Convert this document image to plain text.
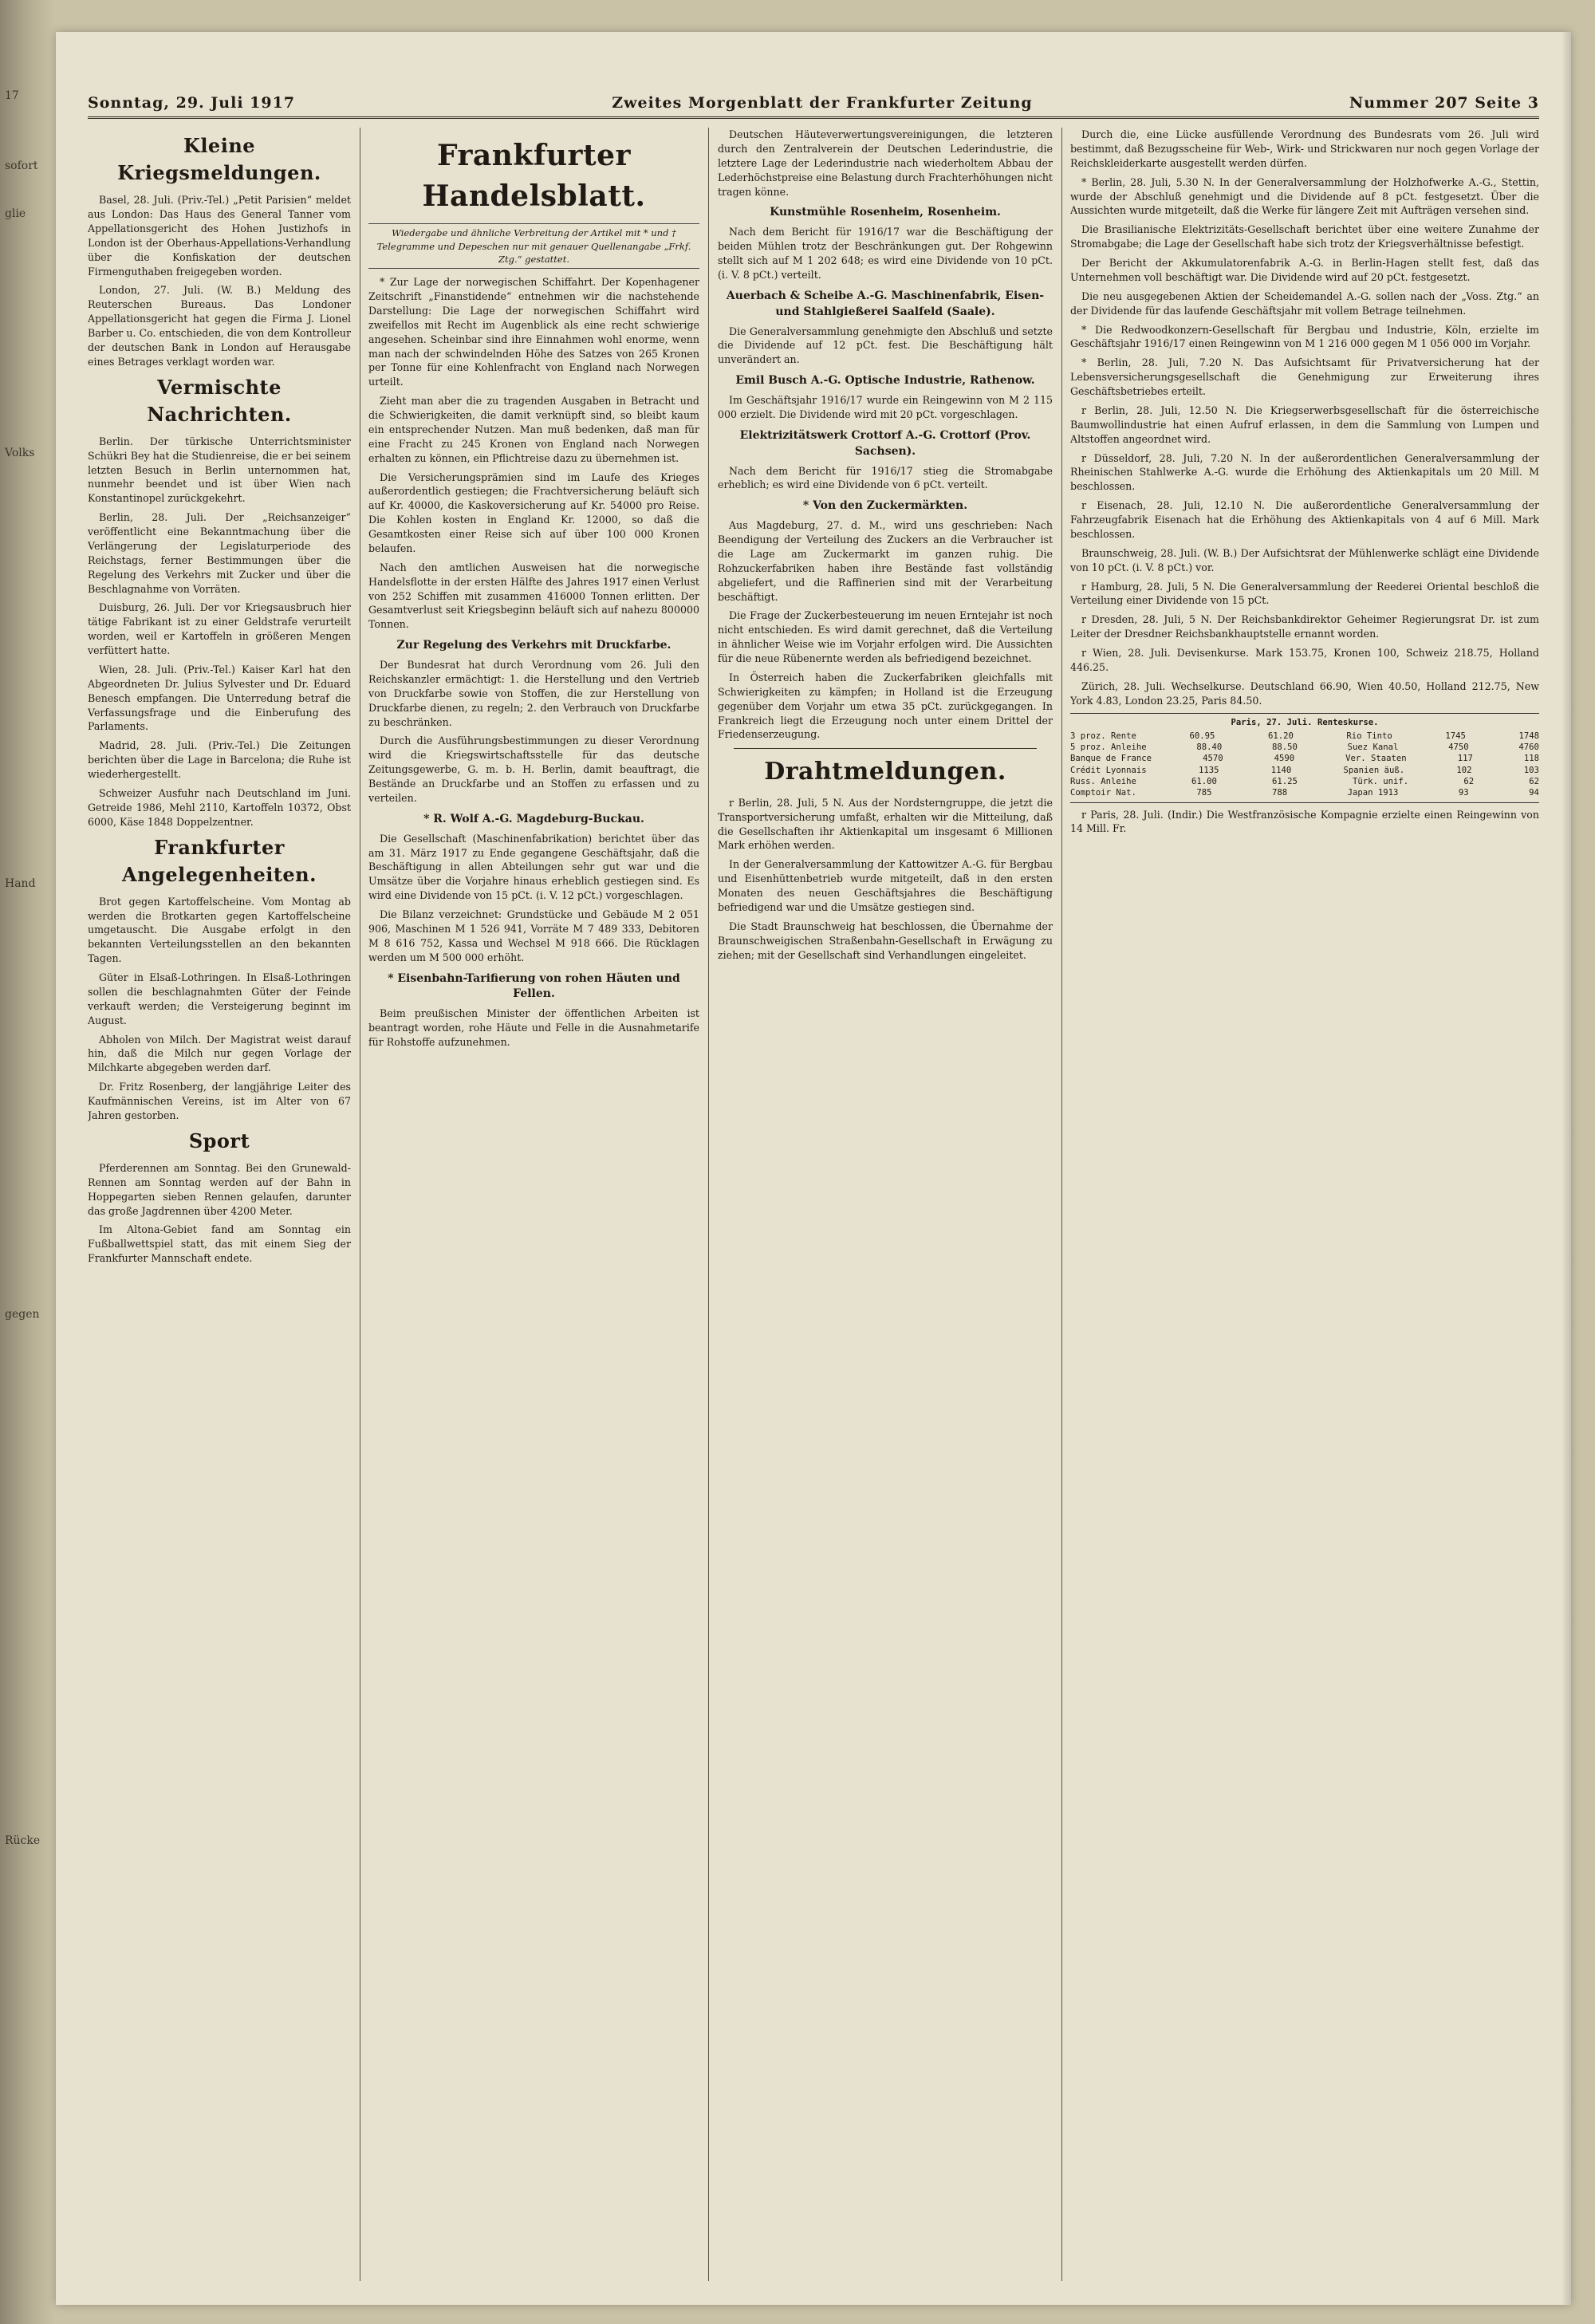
17
sofort
glie
Volks
Hand
gegen
Rücke
Sonntag, 29. Juli 1917	Zweites Morgenblatt der Frankfurter Zeitung	Nummer 207 Seite 3
Kleine Kriegsmeldungen.

Basel, 28. Juli. (Priv.-Tel.) „Petit Parisien“ meldet aus London: Das Haus des General Tanner vom Appellationsgericht des Hohen Justizhofs in London ist der Oberhaus-Appellations-Verhandlung über die Konfiskation der deutschen Firmenguthaben freigegeben worden.

London, 27. Juli. (W. B.) Meldung des Reuterschen Bureaus. Das Londoner Appellationsgericht hat gegen die Firma J. Lionel Barber u. Co. entschieden, die von dem Kontrolleur der deutschen Bank in London auf Herausgabe eines Betrages verklagt worden war.

Vermischte Nachrichten.

Berlin. Der türkische Unterrichtsminister Schükri Bey hat die Studienreise, die er bei seinem letzten Besuch in Berlin unternommen hat, nunmehr beendet und ist über Wien nach Konstantinopel zurückgekehrt.

Berlin, 28. Juli. Der „Reichsanzeiger“ veröffentlicht eine Bekanntmachung über die Verlängerung der Legislaturperiode des Reichstags, ferner Bestimmungen über die Regelung des Verkehrs mit Zucker und über die Beschlagnahme von Vorräten.

Duisburg, 26. Juli. Der vor Kriegsausbruch hier tätige Fabrikant ist zu einer Geldstrafe verurteilt worden, weil er Kartoffeln in größeren Mengen verfüttert hatte.

Wien, 28. Juli. (Priv.-Tel.) Kaiser Karl hat den Abgeordneten Dr. Julius Sylvester und Dr. Eduard Benesch empfangen. Die Unterredung betraf die Verfassungsfrage und die Einberufung des Parlaments.

Madrid, 28. Juli. (Priv.-Tel.) Die Zeitungen berichten über die Lage in Barcelona; die Ruhe ist wiederhergestellt.

Schweizer Ausfuhr nach Deutschland im Juni. Getreide 1986, Mehl 2110, Kartoffeln 10372, Obst 6000, Käse 1848 Doppelzentner.

Frankfurter Angelegenheiten.

Brot gegen Kartoffelscheine. Vom Montag ab werden die Brotkarten gegen Kartoffelscheine umgetauscht. Die Ausgabe erfolgt in den bekannten Verteilungsstellen an den bekannten Tagen.

Güter in Elsaß-Lothringen. In Elsaß-Lothringen sollen die beschlagnahmten Güter der Feinde verkauft werden; die Versteigerung beginnt im August.

Abholen von Milch. Der Magistrat weist darauf hin, daß die Milch nur gegen Vorlage der Milchkarte abgegeben werden darf.

Dr. Fritz Rosenberg, der langjährige Leiter des Kaufmännischen Vereins, ist im Alter von 67 Jahren gestorben.

Sport

Pferderennen am Sonntag. Bei den Grunewald-Rennen am Sonntag werden auf der Bahn in Hoppegarten sieben Rennen gelaufen, darunter das große Jagdrennen über 4200 Meter.

Im Altona-Gebiet fand am Sonntag ein Fußballwettspiel statt, das mit einem Sieg der Frankfurter Mannschaft endete.

Frankfurter Handelsblatt.
Wiedergabe und ähnliche Verbreitung der Artikel mit * und † Telegramme und Depeschen nur mit genauer Quellenangabe „Frkf. Ztg.“ gestattet.

* Zur Lage der norwegischen Schiffahrt. Der Kopenhagener Zeitschrift „Finanstidende“ entnehmen wir die nachstehende Darstellung: Die Lage der norwegischen Schiffahrt wird zweifellos mit Recht im Augenblick als eine recht schwierige angesehen. Scheinbar sind ihre Einnahmen wohl enorme, wenn man nach der schwindelnden Höhe des Satzes von 265 Kronen per Tonne für eine Kohlenfracht von England nach Norwegen urteilt.

Zieht man aber die zu tragenden Ausgaben in Betracht und die Schwierigkeiten, die damit verknüpft sind, so bleibt kaum ein entsprechender Nutzen. Man muß bedenken, daß man für eine Fracht zu 245 Kronen von England nach Norwegen erhalten zu können, ein Pflichtreise dazu zu übernehmen ist.

Die Versicherungsprämien sind im Laufe des Krieges außerordentlich gestiegen; die Frachtversicherung beläuft sich auf Kr. 40000, die Kaskoversicherung auf Kr. 54000 pro Reise. Die Kohlen kosten in England Kr. 12000, so daß die Gesamtkosten einer Reise sich auf über 100 000 Kronen belaufen.

Nach den amtlichen Ausweisen hat die norwegische Handelsflotte in der ersten Hälfte des Jahres 1917 einen Verlust von 252 Schiffen mit zusammen 416000 Tonnen erlitten. Der Gesamtverlust seit Kriegsbeginn beläuft sich auf nahezu 800000 Tonnen.

Zur Regelung des Verkehrs mit Druckfarbe.

Der Bundesrat hat durch Verordnung vom 26. Juli den Reichskanzler ermächtigt: 1. die Herstellung und den Vertrieb von Druckfarbe sowie von Stoffen, die zur Herstellung von Druckfarbe dienen, zu regeln; 2. den Verbrauch von Druckfarbe zu beschränken.

Durch die Ausführungsbestimmungen zu dieser Verordnung wird die Kriegswirtschaftsstelle für das deutsche Zeitungsgewerbe, G. m. b. H. Berlin, damit beauftragt, die Bestände an Druckfarbe und an Stoffen zu erfassen und zu verteilen.

* R. Wolf A.-G. Magdeburg-Buckau.

Die Gesellschaft (Maschinenfabrikation) berichtet über das am 31. März 1917 zu Ende gegangene Geschäftsjahr, daß die Beschäftigung in allen Abteilungen sehr gut war und die Umsätze über die Vorjahre hinaus erheblich gestiegen sind. Es wird eine Dividende von 15 pCt. (i. V. 12 pCt.) vorgeschlagen.

Die Bilanz verzeichnet: Grundstücke und Gebäude M 2 051 906, Maschinen M 1 526 941, Vorräte M 7 489 333, Debitoren M 8 616 752, Kassa und Wechsel M 918 666. Die Rücklagen werden um M 500 000 erhöht.

* Eisenbahn-Tarifierung von rohen Häuten und Fellen.

Beim preußischen Minister der öffentlichen Arbeiten ist beantragt worden, rohe Häute und Felle in die Ausnahmetarife für Rohstoffe aufzunehmen.

Deutschen Häuteverwertungsvereinigungen, die letzteren durch den Zentralverein der Deutschen Lederindustrie, die letztere Lage der Lederindustrie nach wiederholtem Abbau der Lederhöchstpreise eine Belastung durch Frachterhöhungen nicht tragen könne.

Kunstmühle Rosenheim, Rosenheim.

Nach dem Bericht für 1916/17 war die Beschäftigung der beiden Mühlen trotz der Beschränkungen gut. Der Rohgewinn stellt sich auf M 1 202 648; es wird eine Dividende von 10 pCt. (i. V. 8 pCt.) verteilt.

Auerbach & Scheibe A.-G. Maschinenfabrik, Eisen- und Stahlgießerei Saalfeld (Saale).

Die Generalversammlung genehmigte den Abschluß und setzte die Dividende auf 12 pCt. fest. Die Beschäftigung hält unverändert an.

Emil Busch A.-G. Optische Industrie, Rathenow.

Im Geschäftsjahr 1916/17 wurde ein Reingewinn von M 2 115 000 erzielt. Die Dividende wird mit 20 pCt. vorgeschlagen.

Elektrizitätswerk Crottorf A.-G. Crottorf (Prov. Sachsen).

Nach dem Bericht für 1916/17 stieg die Stromabgabe erheblich; es wird eine Dividende von 6 pCt. verteilt.

* Von den Zuckermärkten.

Aus Magdeburg, 27. d. M., wird uns geschrieben: Nach Beendigung der Verteilung des Zuckers an die Verbraucher ist die Lage am Zuckermarkt im ganzen ruhig. Die Rohzuckerfabriken haben ihre Bestände fast vollständig abgeliefert, und die Raffinerien sind mit der Verarbeitung beschäftigt.

Die Frage der Zuckerbesteuerung im neuen Erntejahr ist noch nicht entschieden. Es wird damit gerechnet, daß die Verteilung in ähnlicher Weise wie im Vorjahr erfolgen wird. Die Aussichten für die neue Rübenernte werden als befriedigend bezeichnet.

In Österreich haben die Zuckerfabriken gleichfalls mit Schwierigkeiten zu kämpfen; in Holland ist die Erzeugung gegenüber dem Vorjahr um etwa 35 pCt. zurückgegangen. In Frankreich liegt die Erzeugung noch unter einem Drittel der Friedenserzeugung.

Drahtmeldungen.

r Berlin, 28. Juli, 5 N. Aus der Nordsterngruppe, die jetzt die Transportversicherung umfaßt, erhalten wir die Mitteilung, daß die Gesellschaften ihr Aktienkapital um insgesamt 6 Millionen Mark erhöhen werden.

In der Generalversammlung der Kattowitzer A.-G. für Bergbau und Eisenhüttenbetrieb wurde mitgeteilt, daß in den ersten Monaten des neuen Geschäftsjahres die Beschäftigung befriedigend war und die Umsätze gestiegen sind.

Die Stadt Braunschweig hat beschlossen, die Übernahme der Braunschweigischen Straßenbahn-Gesellschaft in Erwägung zu ziehen; mit der Gesellschaft sind Verhandlungen eingeleitet.

Durch die, eine Lücke ausfüllende Verordnung des Bundesrats vom 26. Juli wird bestimmt, daß Bezugsscheine für Web-, Wirk- und Strickwaren nur noch gegen Vorlage der Reichskleiderkarte ausgestellt werden dürfen.

* Berlin, 28. Juli, 5.30 N. In der Generalversammlung der Holzhofwerke A.-G., Stettin, wurde der Abschluß genehmigt und die Dividende auf 8 pCt. festgesetzt. Über die Aussichten wurde mitgeteilt, daß die Werke für längere Zeit mit Aufträgen versehen sind.

Die Brasilianische Elektrizitäts-Gesellschaft berichtet über eine weitere Zunahme der Stromabgabe; die Lage der Gesellschaft habe sich trotz der Kriegsverhältnisse befestigt.

Der Bericht der Akkumulatorenfabrik A.-G. in Berlin-Hagen stellt fest, daß das Unternehmen voll beschäftigt war. Die Dividende wird auf 20 pCt. festgesetzt.

Die neu ausgegebenen Aktien der Scheidemandel A.-G. sollen nach der „Voss. Ztg.“ an der Dividende für das laufende Geschäftsjahr mit vollem Betrage teilnehmen.

* Die Redwoodkonzern-Gesellschaft für Bergbau und Industrie, Köln, erzielte im Geschäftsjahr 1916/17 einen Reingewinn von M 1 216 000 gegen M 1 056 000 im Vorjahr.

* Berlin, 28. Juli, 7.20 N. Das Aufsichtsamt für Privatversicherung hat der Lebensversicherungsgesellschaft die Genehmigung zur Erweiterung ihres Geschäftsbetriebes erteilt.

r Berlin, 28. Juli, 12.50 N. Die Kriegserwerbsgesellschaft für die österreichische Baumwollindustrie hat einen Aufruf erlassen, in dem die Sammlung von Lumpen und Altstoffen angeordnet wird.

r Düsseldorf, 28. Juli, 7.20 N. In der außerordentlichen Generalversammlung der Rheinischen Stahlwerke A.-G. wurde die Erhöhung des Aktienkapitals um 20 Mill. M beschlossen.

r Eisenach, 28. Juli, 12.10 N. Die außerordentliche Generalversammlung der Fahrzeugfabrik Eisenach hat die Erhöhung des Aktienkapitals von 4 auf 6 Mill. Mark beschlossen.

Braunschweig, 28. Juli. (W. B.) Der Aufsichtsrat der Mühlenwerke schlägt eine Dividende von 10 pCt. (i. V. 8 pCt.) vor.

r Hamburg, 28. Juli, 5 N. Die Generalversammlung der Reederei Oriental beschloß die Verteilung einer Dividende von 15 pCt.

r Dresden, 28. Juli, 5 N. Der Reichsbankdirektor Geheimer Regierungsrat Dr. ist zum Leiter der Dresdner Reichsbankhauptstelle ernannt worden.

r Wien, 28. Juli. Devisenkurse. Mark 153.75, Kronen 100, Schweiz 218.75, Holland 446.25.

Zürich, 28. Juli. Wechselkurse. Deutschland 66.90, Wien 40.50, Holland 212.75, New York 4.83, London 23.25, Paris 84.50.

Paris, 27. Juli. Renteskurse.
3 proz. Rente	60.95	61.20	Rio Tinto	1745	1748
5 proz. Anleihe	88.40	88.50	Suez Kanal	4750	4760
Banque de France	4570	4590	Ver. Staaten	117	118
Crédit Lyonnais	1135	1140	Spanien äuß.	102	103
Russ. Anleihe	61.00	61.25	Türk. unif.	62	62
Comptoir Nat.	785	788	Japan 1913	93	94

r Paris, 28. Juli. (Indir.) Die Westfranzösische Kompagnie erzielte einen Reingewinn von 14 Mill. Fr.
